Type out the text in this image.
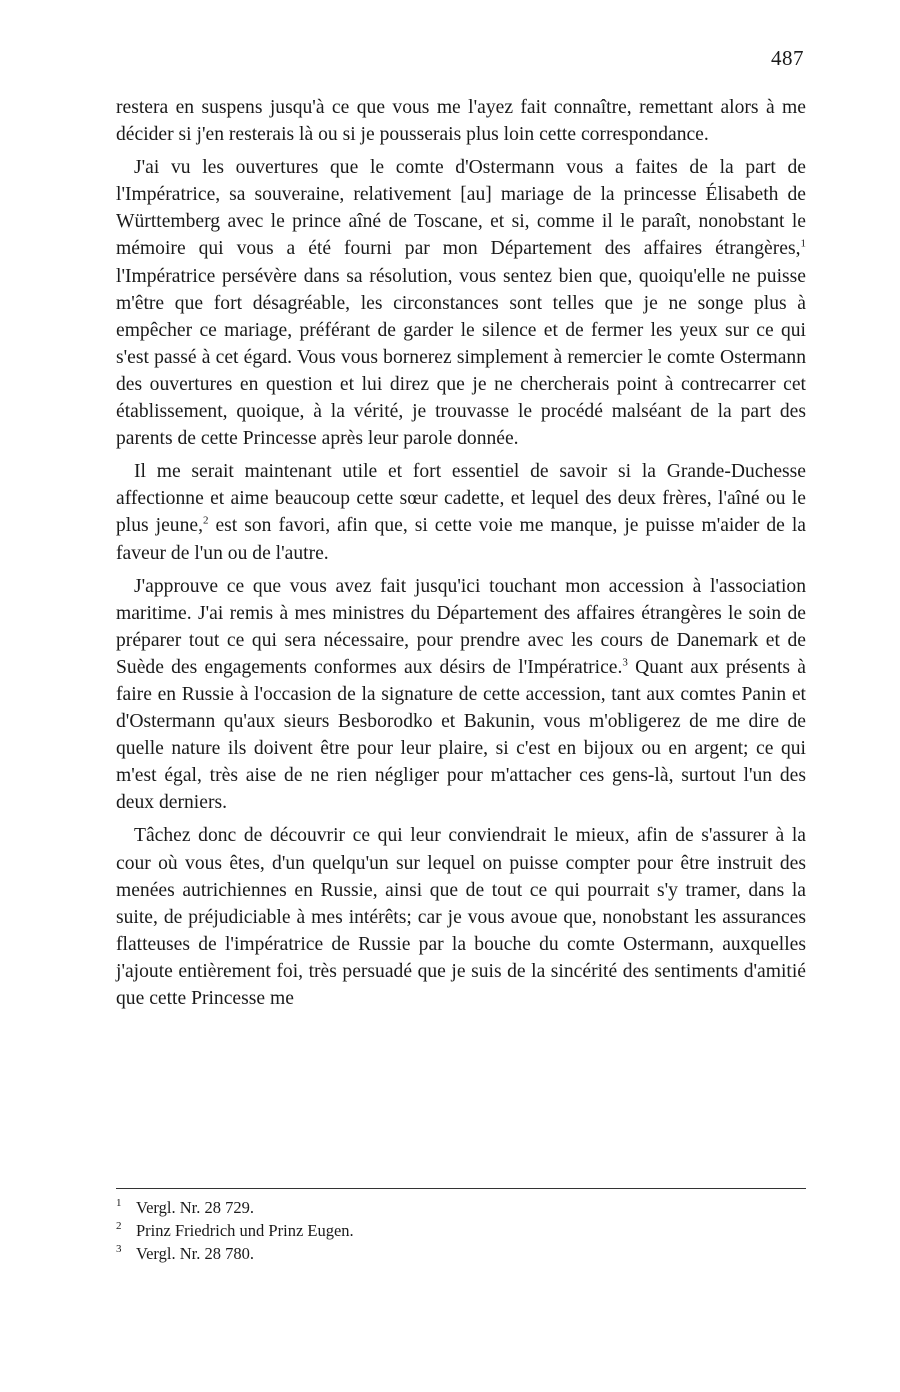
487

restera en suspens jusqu'à ce que vous me l'ayez fait connaître, remettant alors à me décider si j'en resterais là ou si je pousserais plus loin cette correspondance.

J'ai vu les ouvertures que le comte d'Ostermann vous a faites de la part de l'Impératrice, sa souveraine, relativement [au] mariage de la princesse Élisabeth de Württemberg avec le prince aîné de Toscane, et si, comme il le paraît, nonobstant le mémoire qui vous a été fourni par mon Département des affaires étrangères,$^1$ l'Impératrice persévère dans sa résolution, vous sentez bien que, quoiqu'elle ne puisse m'être que fort désagréable, les circonstances sont telles que je ne songe plus à empêcher ce mariage, préférant de garder le silence et de fermer les yeux sur ce qui s'est passé à cet égard. Vous vous bornerez simplement à remercier le comte Ostermann des ouvertures en question et lui direz que je ne chercherais point à contrecarrer cet établissement, quoique, à la vérité, je trouvasse le procédé malséant de la part des parents de cette Princesse après leur parole donnée.

Il me serait maintenant utile et fort essentiel de savoir si la Grande-Duchesse affectionne et aime beaucoup cette sœur cadette, et lequel des deux frères, l'aîné ou le plus jeune,$^2$ est son favori, afin que, si cette voie me manque, je puisse m'aider de la faveur de l'un ou de l'autre.

J'approuve ce que vous avez fait jusqu'ici touchant mon accession à l'association maritime. J'ai remis à mes ministres du Département des affaires étrangères le soin de préparer tout ce qui sera nécessaire, pour prendre avec les cours de Danemark et de Suède des engagements conformes aux désirs de l'Impératrice.$^3$ Quant aux présents à faire en Russie à l'occasion de la signature de cette accession, tant aux comtes Panin et d'Ostermann qu'aux sieurs Besborodko et Bakunin, vous m'obligerez de me dire de quelle nature ils doivent être pour leur plaire, si c'est en bijoux ou en argent; ce qui m'est égal, très aise de ne rien négliger pour m'attacher ces gens-là, surtout l'un des deux derniers.

Tâchez donc de découvrir ce qui leur conviendrait le mieux, afin de s'assurer à la cour où vous êtes, d'un quelqu'un sur lequel on puisse compter pour être instruit des menées autrichiennes en Russie, ainsi que de tout ce qui pourrait s'y tramer, dans la suite, de préjudiciable à mes intérêts; car je vous avoue que, nonobstant les assurances flatteuses de l'impératrice de Russie par la bouche du comte Ostermann, auxquelles j'ajoute entièrement foi, très persuadé que je suis de la sincérité des sentiments d'amitié que cette Princesse me

1 Vergl. Nr. 28 729.
2 Prinz Friedrich und Prinz Eugen.
3 Vergl. Nr. 28 780.
